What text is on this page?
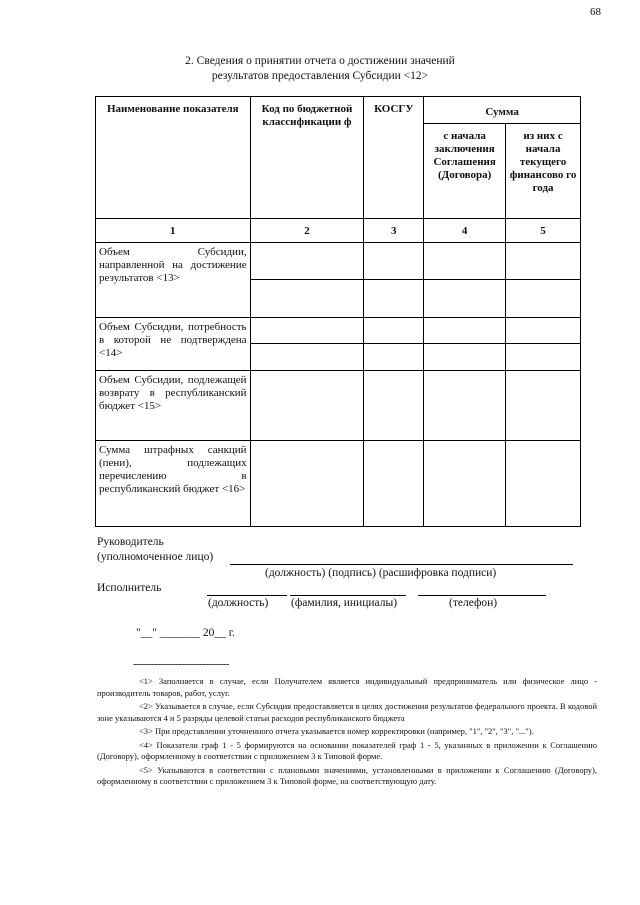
68
2. Сведения о принятии отчета о достижении значений
результатов предоставления Субсидии <12>
Наименование показателя	Код по бюджетной классификации ф	КОСГУ	Сумма	
			с начала заключения Соглашения (Договора)	из них с начала текущего финансово го года
1	2	3	4	5
Объем Субсидии, направленной на достижение результатов <13>	

Объем Субсидии, потребность в которой не подтверждена <14>	

Объем Субсидии, подлежащей возврату в республиканский бюджет <15>				
Сумма штрафных санкций (пени), подлежащих перечислению в республиканский бюджет <16>				
Руководитель
(уполномоченное лицо)
(должность) (подпись) (расшифровка подписи)
Исполнитель
(должность) (фамилия, инициалы)	(телефон)
"__" _______ 20__ г.
--------------------------------
<1> Заполняется в случае, если Получателем является индивидуальный предприниматель или физическое лицо - производитель товаров, работ, услуг.
<2> Указывается в случае, если Субсидия предоставляется в целях достижения результатов федерального проекта. В кодовой зоне указываются 4 и 5 разряды целевой статьи расходов республиканского бюджета
<3> При представлении уточненного отчета указывается номер корректировки (например, "1", "2", "3", "...").
<4> Показатели граф 1 - 5 формируются на основании показателей граф 1 - 5, указанных в приложении к Соглашению (Договору), оформленному в соответствии с приложением 3 к Типовой форме.
<5> Указываются в соответствии с плановыми значениями, установленными в приложении к Соглашению (Договору), оформленному в соответствии с приложением 3 к Типовой форме, на соответствующую дату.
